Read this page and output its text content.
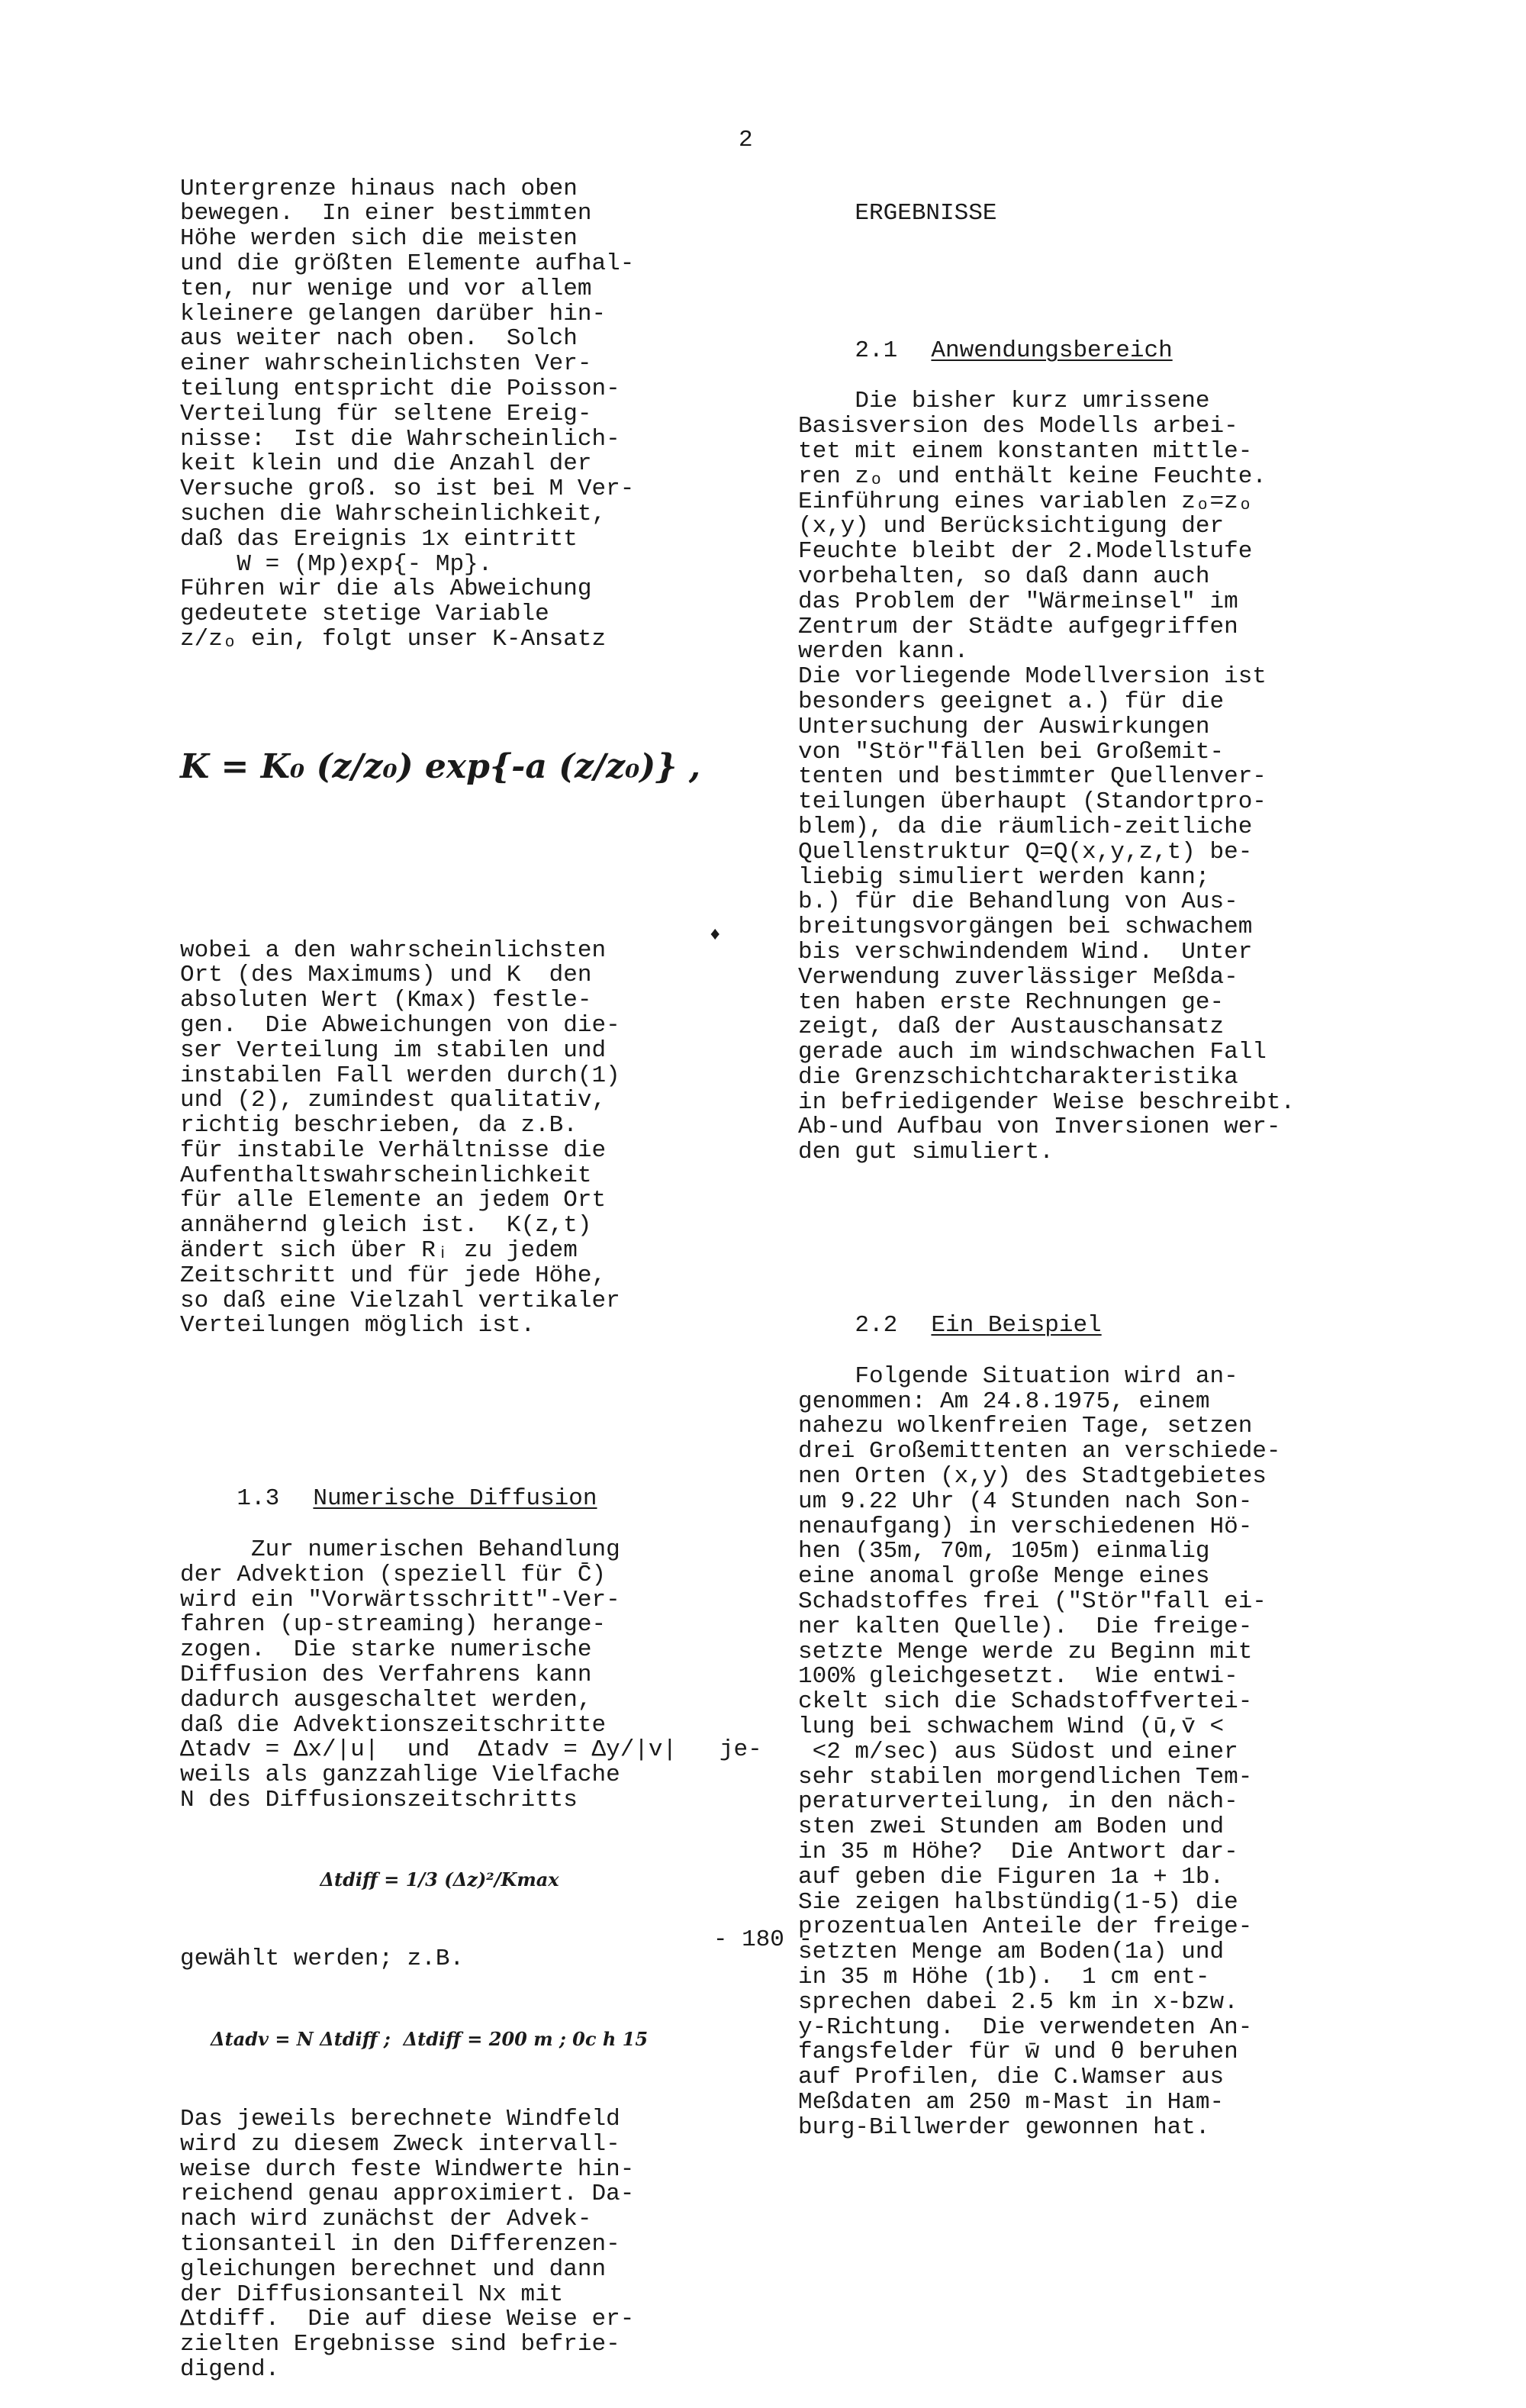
Untergrenze hinaus nach oben
bewegen.  In einer bestimmten
Höhe werden sich die meisten
und die größten Elemente aufhal-
ten, nur wenige und vor allem
kleinere gelangen darüber hin-
aus weiter nach oben.  Solch
einer wahrscheinlichsten Ver-
teilung entspricht die Poisson-
Verteilung für seltene Ereig-
nisse:  Ist die Wahrscheinlich-
keit klein und die Anzahl der
Versuche groß. so ist bei M Ver-
suchen die Wahrscheinlichkeit,
daß das Ereignis 1x eintritt
W = (Mp)exp{- Mp}.
Führen wir die als Abweichung
gedeutete stetige Variable
z/zₒ ein, folgt unser K-Ansatz

K = K₀ (z/z₀) exp{-a (z/z₀)} ,

wobei a den wahrscheinlichsten
Ort (des Maximums) und K  den
absoluten Wert (Kmax) festle-
gen.  Die Abweichungen von die-
ser Verteilung im stabilen und
instabilen Fall werden durch(1)
und (2), zumindest qualitativ,
richtig beschrieben, da z.B.
für instabile Verhältnisse die
Aufenthaltswahrscheinlichkeit
für alle Elemente an jedem Ort
annähernd gleich ist.  K(z,t)
ändert sich über Rᵢ zu jedem
Zeitschritt und für jede Höhe,
so daß eine Vielzahl vertikaler
Verteilungen möglich ist.

1.3 Numerische Diffusion

Zur numerischen Behandlung
der Advektion (speziell für C̄)
wird ein "Vorwärtsschritt"-Ver-
fahren (up-streaming) herange-
zogen.  Die starke numerische
Diffusion des Verfahrens kann
dadurch ausgeschaltet werden,
daß die Advektionszeitschritte
Δtadv = Δx/|u|  und  Δtadv = Δy/|v|   je-
weils als ganzzahlige Vielfache
N des Diffusionszeitschritts

Δtdiff = 1/3 (Δz)²/Kmax

gewählt werden; z.B.

Δtadv = N Δtdiff ;  Δtdiff = 200 m ; 0c h 15

Das jeweils berechnete Windfeld
wird zu diesem Zweck intervall-
weise durch feste Windwerte hin-
reichend genau approximiert. Da-
nach wird zunächst der Advek-
tionsanteil in den Differenzen-
gleichungen berechnet und dann
der Diffusionsanteil Nx mit
Δtdiff.  Die auf diese Weise er-
zielten Ergebnisse sind befrie-
digend.

2

ERGEBNISSE

2.1 Anwendungsbereich

Die bisher kurz umrissene
Basisversion des Modells arbei-
tet mit einem konstanten mittle-
ren zₒ und enthält keine Feuchte.
Einführung eines variablen zₒ=zₒ
(x,y) und Berücksichtigung der
Feuchte bleibt der 2.Modellstufe
vorbehalten, so daß dann auch
das Problem der "Wärmeinsel" im
Zentrum der Städte aufgegriffen
werden kann.
Die vorliegende Modellversion ist
besonders geeignet a.) für die
Untersuchung der Auswirkungen
von "Stör"fällen bei Großemit-
tenten und bestimmter Quellenver-
teilungen überhaupt (Standortpro-
blem), da die räumlich-zeitliche
Quellenstruktur Q=Q(x,y,z,t) be-
liebig simuliert werden kann;
b.) für die Behandlung von Aus-
breitungsvorgängen bei schwachem
bis verschwindendem Wind.  Unter
Verwendung zuverlässiger Meßda-
ten haben erste Rechnungen ge-
zeigt, daß der Austauschansatz
gerade auch im windschwachen Fall
die Grenzschichtcharakteristika
in befriedigender Weise beschreibt.
Ab-und Aufbau von Inversionen wer-
den gut simuliert.

2.2 Ein Beispiel

Folgende Situation wird an-
genommen: Am 24.8.1975, einem
nahezu wolkenfreien Tage, setzen
drei Großemittenten an verschiede-
nen Orten (x,y) des Stadtgebietes
um 9.22 Uhr (4 Stunden nach Son-
nenaufgang) in verschiedenen Hö-
hen (35m, 70m, 105m) einmalig
eine anomal große Menge eines
Schadstoffes frei ("Stör"fall ei-
ner kalten Quelle).  Die freige-
setzte Menge werde zu Beginn mit
100% gleichgesetzt.  Wie entwi-
ckelt sich die Schadstoffvertei-
lung bei schwachem Wind (ū,v̄ <
<2 m/sec) aus Südost und einer
sehr stabilen morgendlichen Tem-
peraturverteilung, in den näch-
sten zwei Stunden am Boden und
in 35 m Höhe?  Die Antwort dar-
auf geben die Figuren 1a + 1b.
Sie zeigen halbstündig(1-5) die
prozentualen Anteile der freige-
setzten Menge am Boden(1a) und
in 35 m Höhe (1b).  1 cm ent-
sprechen dabei 2.5 km in x-bzw.
y-Richtung.  Die verwendeten An-
fangsfelder für w̄ und θ beruhen
auf Profilen, die C.Wamser aus
Meßdaten am 250 m-Mast in Ham-
burg-Billwerder gewonnen hat.

♦
- 180 -
